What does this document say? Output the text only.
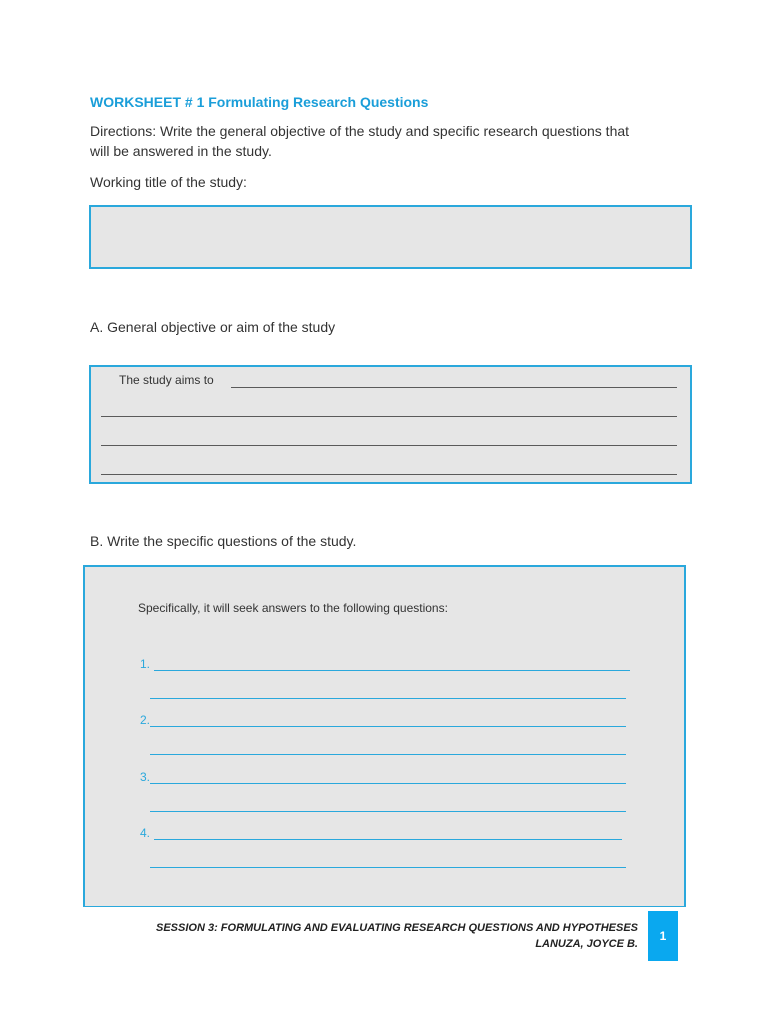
WORKSHEET # 1 Formulating Research Questions
Directions: Write the general objective of the study and specific research questions that
will be answered in the study.
Working title of the study:
A. General objective or aim of the study
The study aims to
B. Write the specific questions of the study.
Specifically, it will seek answers to the following questions:
1.
2.
3.
4.
SESSION 3: FORMULATING AND EVALUATING RESEARCH QUESTIONS AND HYPOTHESES
LANUZA, JOYCE B.
1
